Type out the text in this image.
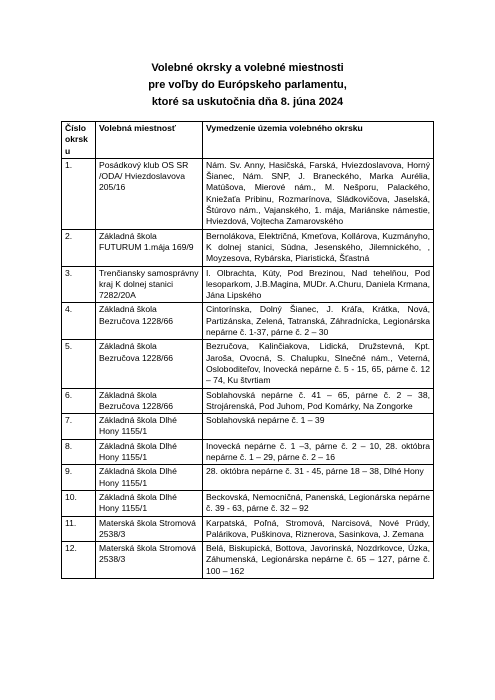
Volebné okrsky a volebné miestnosti
pre voľby do Európskeho parlamentu,
ktoré sa uskutočnia dňa 8. júna 2024
Číslo okrsku	Volebná miestnosť	Vymedzenie územia volebného okrsku
1.	Posádkový klub OS SR /ODA/ Hviezdoslavova 205/16	Nám. Sv. Anny, Hasičská, Farská, Hviezdoslavova, Horný Šianec, Nám. SNP, J. Braneckého, Marka Aurélia, Matúšova, Mierové nám., M. Nešporu, Palackého, Kniežaťa Pribinu, Rozmarínova, Sládkovičova, Jaselská, Štúrovo nám., Vajanského, 1. mája, Mariánske námestie, Hviezdová, Vojtecha Zamarovského
2.	Základná škola FUTURUM 1.mája 169/9	Bernolákova, Električná, Kmeťova, Kollárova, Kuzmányho, K dolnej stanici, Súdna, Jesenského, Jilemnického, , Moyzesova, Rybárska, Piaristická, Šťastná
3.	Trenčiansky samosprávny kraj K dolnej stanici 7282/20A	I. Olbrachta, Kúty, Pod Brezinou, Nad tehelňou, Pod lesoparkom, J.B.Magina, MUDr. A.Churu, Daniela Krmana, Jána Lipského
4.	Základná škola Bezručova 1228/66	Cintorínska, Dolný Šianec, J. Kráľa, Krátka, Nová, Partizánska, Zelená, Tatranská, Záhradnícka, Legionárska nepárne č. 1-37, párne č. 2 – 30
5.	Základná škola Bezručova 1228/66	Bezručova, Kalinčiakova, Lidická, Družstevná, Kpt. Jaroša, Ovocná, S. Chalupku, Slnečné nám., Veterná, Osloboditeľov, Inovecká nepárne č. 5 - 15, 65, párne č. 12 – 74, Ku štvrtiam
6.	Základná škola Bezručova 1228/66	Soblahovská nepárne č. 41 – 65, párne č. 2 – 38, Strojárenská, Pod Juhom, Pod Komárky, Na Zongorke
7.	Základná škola Dlhé Hony 1155/1	Soblahovská nepárne č. 1 – 39
8.	Základná škola Dlhé Hony 1155/1	Inovecká nepárne č. 1 –3, párne č. 2 – 10, 28. októbra nepárne č. 1 – 29, párne č. 2 – 16
9.	Základná škola Dlhé Hony 1155/1	28. októbra nepárne č. 31 - 45, párne 18 – 38, Dlhé Hony
10.	Základná škola Dlhé Hony 1155/1	Beckovská, Nemocničná, Panenská, Legionárska nepárne č. 39 - 63, párne č. 32 – 92
11.	Materská škola Stromová 2538/3	Karpatská, Poľná, Stromová, Narcisová, Nové Prúdy, Palárikova, Puškinova, Riznerova, Sasinkova, J. Zemana
12.	Materská škola Stromová 2538/3	Belá, Biskupická, Bottova, Javorinská, Nozdrkovce, Úzka, Záhumenská, Legionárska nepárne č. 65 – 127, párne č. 100 – 162
